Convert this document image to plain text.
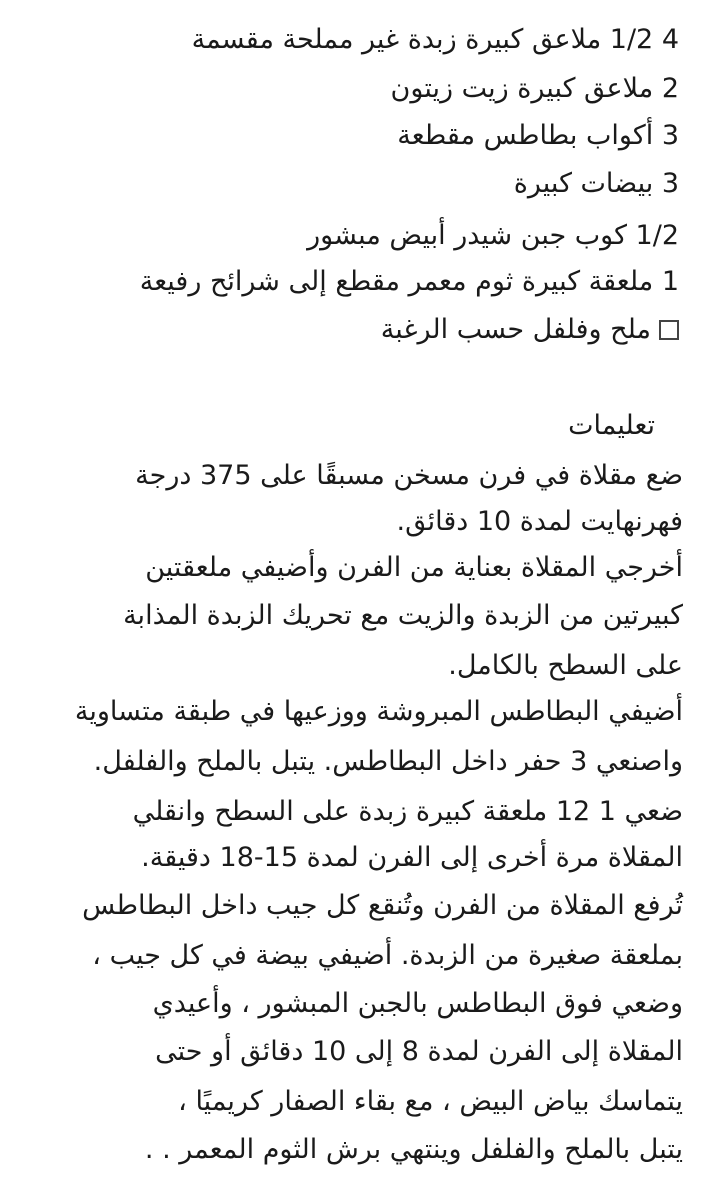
4 1/2 ملاعق كبيرة زبدة غير مملحة مقسمة
2 ملاعق كبيرة زيت زيتون
3 أكواب بطاطس مقطعة
3 بيضات كبيرة
1/2 كوب جبن شيدر أبيض مبشور
1 ملعقة كبيرة ثوم معمر مقطع إلى شرائح رفيعة
ملح وفلفل حسب الرغبة
تعليمات
ضع مقلاة في فرن مسخن مسبقًا على 375 درجة
فهرنهايت لمدة 10 دقائق.
أخرجي المقلاة بعناية من الفرن وأضيفي ملعقتين
كبيرتين من الزبدة والزيت مع تحريك الزبدة المذابة
على السطح بالكامل.
أضيفي البطاطس المبروشة ووزعيها في طبقة متساوية
واصنعي 3 حفر داخل البطاطس. يتبل بالملح والفلفل.
ضعي 1 12 ملعقة كبيرة زبدة على السطح وانقلي
المقلاة مرة أخرى إلى الفرن لمدة 15-18 دقيقة.
تُرفع المقلاة من الفرن وتُنقع كل جيب داخل البطاطس
بملعقة صغيرة من الزبدة. أضيفي بيضة في كل جيب ،
وضعي فوق البطاطس بالجبن المبشور ، وأعيدي
المقلاة إلى الفرن لمدة 8 إلى 10 دقائق أو حتى
يتماسك بياض البيض ، مع بقاء الصفار كريميًا ،
يتبل بالملح والفلفل وينتهي برش الثوم المعمر . .
